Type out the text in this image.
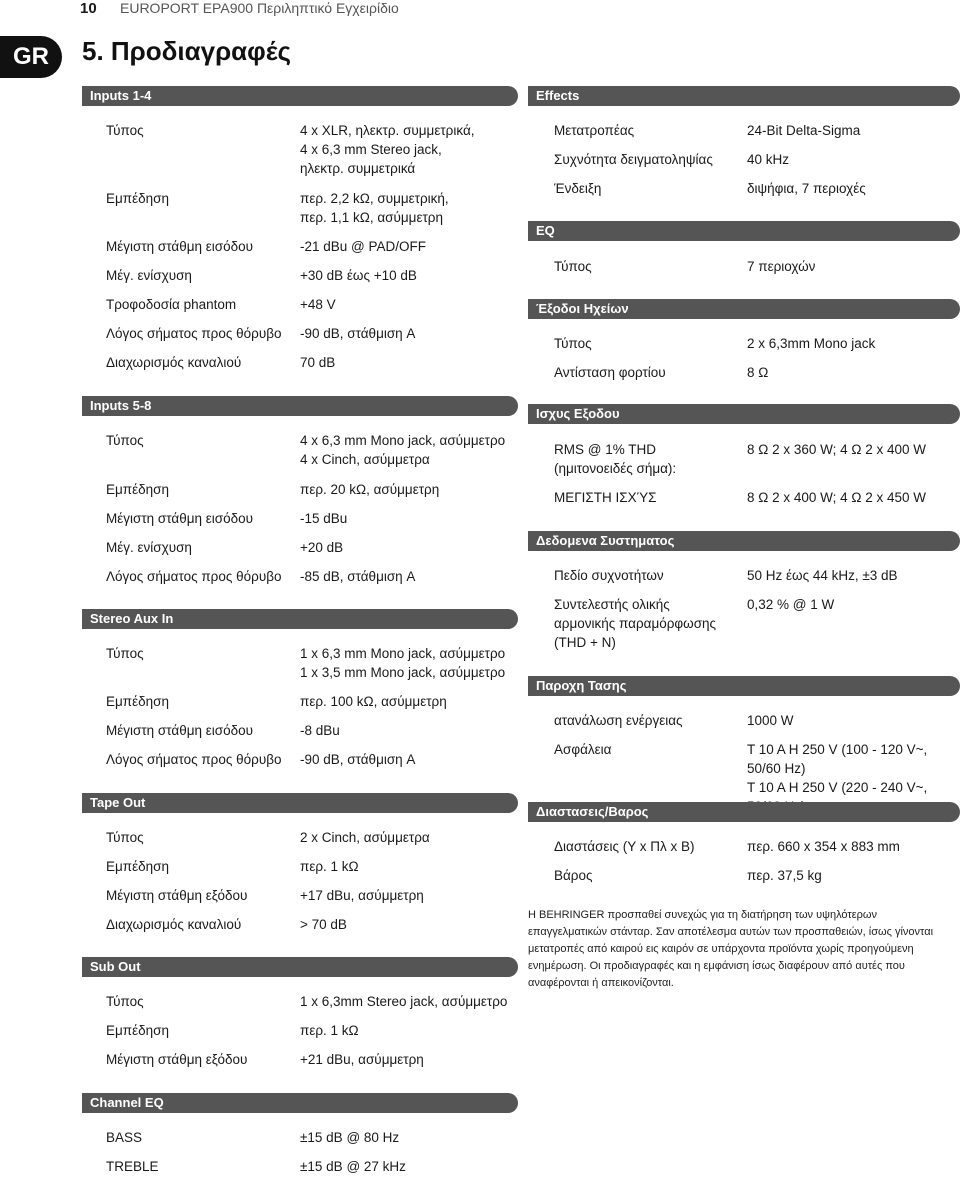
10 EUROPORT EPA900 Περιληπτικό Εγχειρίδιο
GR	5. Προδιαγραφές
Inputs 1-4
Τύπος	4 x XLR, ηλεκτρ. συμμετρικά,
4 x 6,3 mm Stereo jack,
ηλεκτρ. συμμετρικά
Εμπέδηση	περ. 2,2 kΩ, συμμετρική,
περ. 1,1 kΩ, ασύμμετρη
Μέγιστη στάθμη εισόδου	-21 dBu @ PAD/OFF
Μέγ. ενίσχυση	+30 dB έως +10 dB
Τροφοδοσία phantom	+48 V
Λόγος σήματος προς θόρυβο -90 dB, στάθμιση A
Διαχωρισμός καναλιού	70 dB
Inputs 5-8
Τύπος	4 x 6,3 mm Mono jack, ασύμμετρο
4 x Cinch, ασύμμετρα
Εμπέδηση	περ. 20 kΩ, ασύμμετρη
Μέγιστη στάθμη εισόδου	-15 dBu
Μέγ. ενίσχυση	+20 dB
Λόγος σήματος προς θόρυβο -85 dB, στάθμιση A
Stereo Aux In
Τύπος	1 x 6,3 mm Mono jack, ασύμμετρο
1 x 3,5 mm Mono jack, ασύμμετρο
Εμπέδηση	περ. 100 kΩ, ασύμμετρη
Μέγιστη στάθμη εισόδου	-8 dBu
Λόγος σήματος προς θόρυβο -90 dB, στάθμιση A
Tape Out
Τύπος	2 x Cinch, ασύμμετρα
Εμπέδηση	περ. 1 kΩ
Μέγιστη στάθμη εξόδου	+17 dBu, ασύμμετρη
Διαχωρισμός καναλιού	> 70 dB
Sub Out
Τύπος	1 x 6,3mm Stereo jack, ασύμμετρο
Εμπέδηση	περ. 1 kΩ
Μέγιστη στάθμη εξόδου	+21 dBu, ασύμμετρη
Channel EQ
BASS	±15 dB @ 80 Hz
TREBLE	±15 dB @ 27 kHz
Effects
Μετατροπέας	24-Bit Delta-Sigma
Συχνότητα δειγματοληψίας	40 kHz
Ένδειξη	διψήφια, 7 περιοχές
EQ
Τύπος	7 περιοχών
Έξοδοι Ηχείων
Τύπος	2 x 6,3mm Mono jack
Αντίσταση φορτίου	8 Ω
Ισχυς Εξοδου
RMS @ 1% THD
(ημιτονοειδές σήμα):
8 Ω 2 x 360 W; 4 Ω 2 x 400 W
ΜΕΓΙΣΤΗ ΙΣΧΎΣ	8 Ω 2 x 400 W; 4 Ω 2 x 450 W
Δεδομενα Συστηματος
Πεδίο συχνοτήτων	50 Hz έως 44 kHz, ±3 dB
Συντελεστής ολικής
αρμονικής παραμόρφωσης
(THD + N)
0,32 % @ 1 W
Παροχη Τασης
ατανάλωση ενέργειας	1000 W
Ασφάλεια	T 10 A H 250 V (100 - 120 V~, 50/60 Hz)
T 10 A H 250 V (220 - 240 V~,
Διαστασεις/Βαρος
Διαστάσεις (Y x Πλ x B)	περ. 660 x 354 x 883 mm
Βάρος	περ. 37,5 kg
Η BEHRINGER προσπαθεί συνεχώς για τη διατήρηση των υψηλότερων επαγγελματικών στάνταρ. Σαν αποτέλεσμα αυτών των προσπαθειών, ίσως γίνονται μετατροπές από καιρού εις καιρόν σε υπάρχοντα προϊόντα χωρίς προηγούμενη ενημέρωση. Οι προδιαγραφές και η εμφάνιση ίσως διαφέρουν από αυτές που αναφέρονται ή απεικονίζονται.
